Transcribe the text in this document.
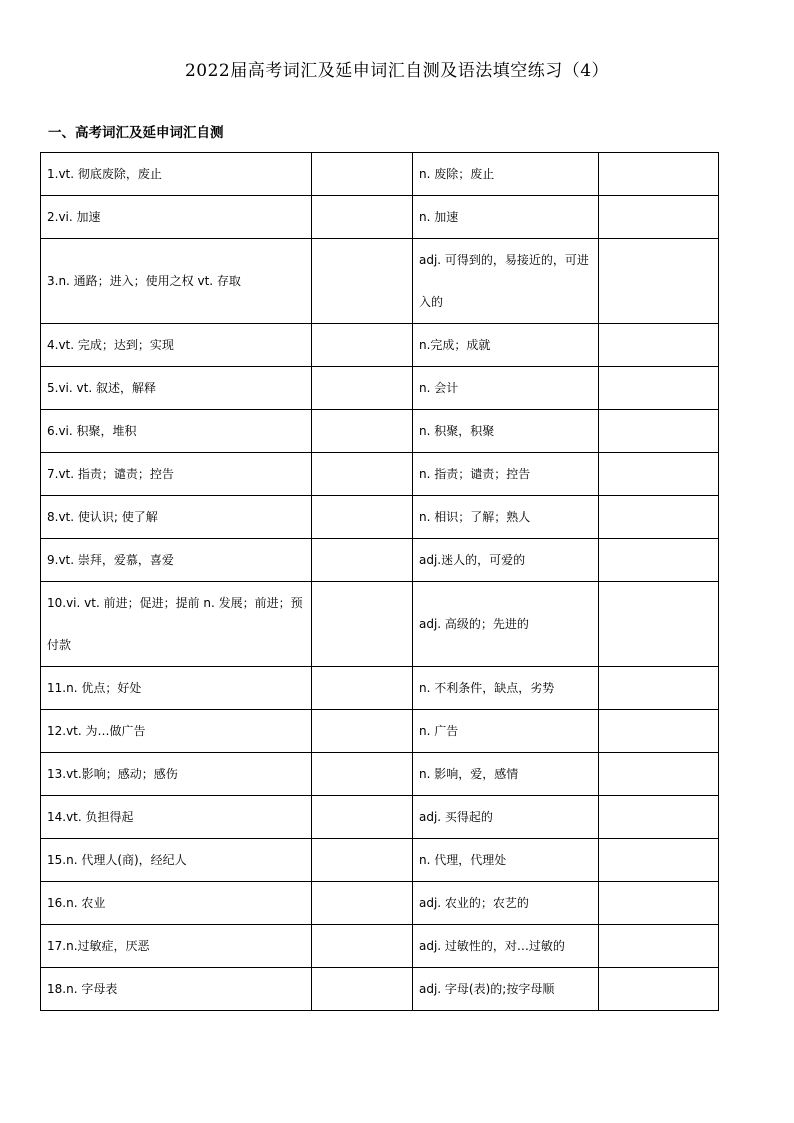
2022届高考词汇及延申词汇自测及语法填空练习（4）
一、高考词汇及延申词汇自测
1.vt. 彻底废除，废止		n. 废除；废止	
2.vi. 加速		n. 加速	
3.n. 通路；进入；使用之权 vt. 存取		adj. 可得到的，易接近的，可进入的	
4.vt. 完成；达到；实现		n.完成；成就	
5.vi. vt. 叙述，解释		n. 会计	
6.vi. 积聚，堆积		n. 积聚，积聚	
7.vt. 指责；谴责；控告		n. 指责；谴责；控告	
8.vt. 使认识; 使了解		n. 相识；了解；熟人	
9.vt. 崇拜，爱慕，喜爱		adj.迷人的，可爱的	
10.vi. vt. 前进；促进；提前 n. 发展；前进；预付款		adj. 高级的；先进的	
11.n. 优点；好处		n. 不利条件，缺点，劣势	
12.vt. 为…做广告		n. 广告	
13.vt.影响；感动；感伤		n. 影响，爱，感情	
14.vt. 负担得起		adj. 买得起的	
15.n. 代理人(商)，经纪人		n. 代理，代理处	
16.n. 农业		adj. 农业的；农艺的	
17.n.过敏症，厌恶		adj. 过敏性的，对…过敏的	
18.n. 字母表		adj. 字母(表)的;按字母顺	
